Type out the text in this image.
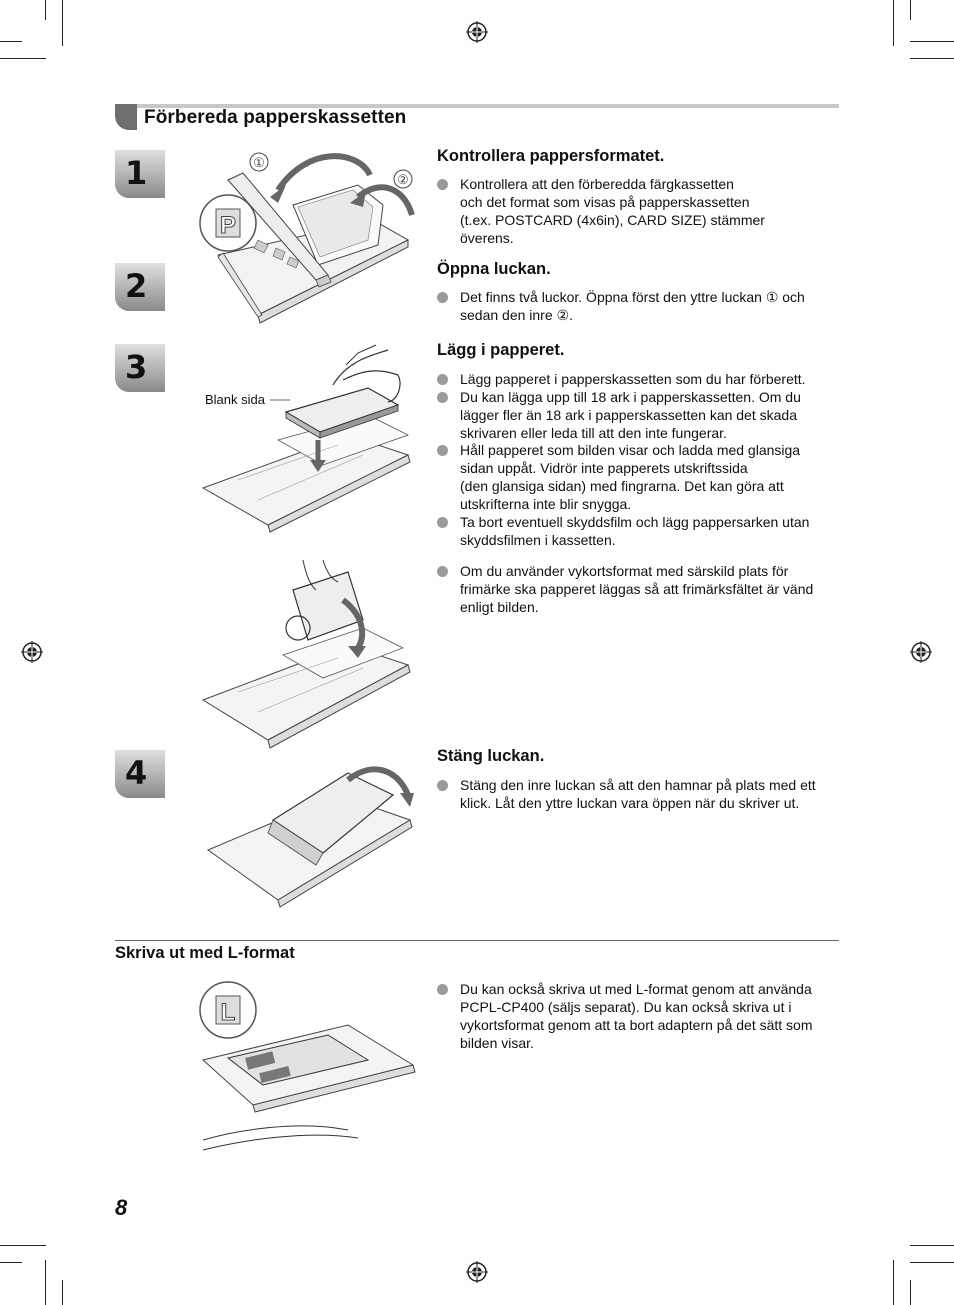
Förbereda papperskassetten
1
2
3
4
①
②
P
Blank sida
L
Kontrollera pappersformatet.
Kontrollera att den förberedda färgkassetten
och det format som visas på papperskassetten
(t.ex. POSTCARD (4x6in), CARD SIZE) stämmer
överens.
Öppna luckan.
Det finns två luckor. Öppna först den yttre luckan ① och
sedan den inre ②.
Lägg i papperet.
Lägg papperet i papperskassetten som du har förberett.
Du kan lägga upp till 18 ark i papperskassetten. Om du
lägger fler än 18 ark i papperskassetten kan det skada
skrivaren eller leda till att den inte fungerar.
Håll papperet som bilden visar och ladda med glansiga
sidan uppåt. Vidrör inte papperets utskriftssida
(den glansiga sidan) med fingrarna. Det kan göra att
utskrifterna inte blir snygga.
Ta bort eventuell skyddsfilm och lägg pappersarken utan
skyddsfilmen i kassetten.
Om du använder vykortsformat med särskild plats för
frimärke ska papperet läggas så att frimärksfältet är vänd
enligt bilden.
Stäng luckan.
Stäng den inre luckan så att den hamnar på plats med ett
klick. Låt den yttre luckan vara öppen när du skriver ut.
Skriva ut med L-format
Du kan också skriva ut med L-format genom att använda
PCPL-CP400 (säljs separat). Du kan också skriva ut i
vykortsformat genom att ta bort adaptern på det sätt som
bilden visar.
8
